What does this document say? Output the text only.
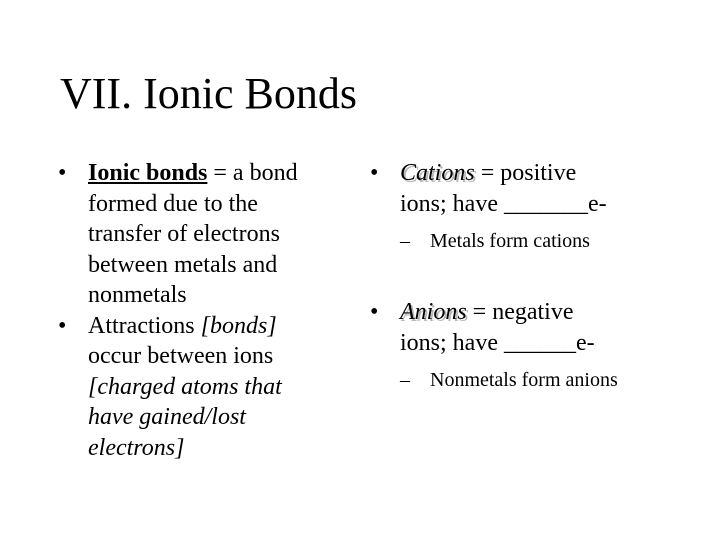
VII. Ionic Bonds
• Ionic bonds = a bond
formed due to the
transfer of electrons
between metals and
nonmetals
• Attractions [bonds]
occur between ions
[charged atoms that
have gained/lost
electrons]
• Cations = positive
ions; have _______e-
– Metals form cations
• Anions = negative
ions; have ______e-
– Nonmetals form anions
